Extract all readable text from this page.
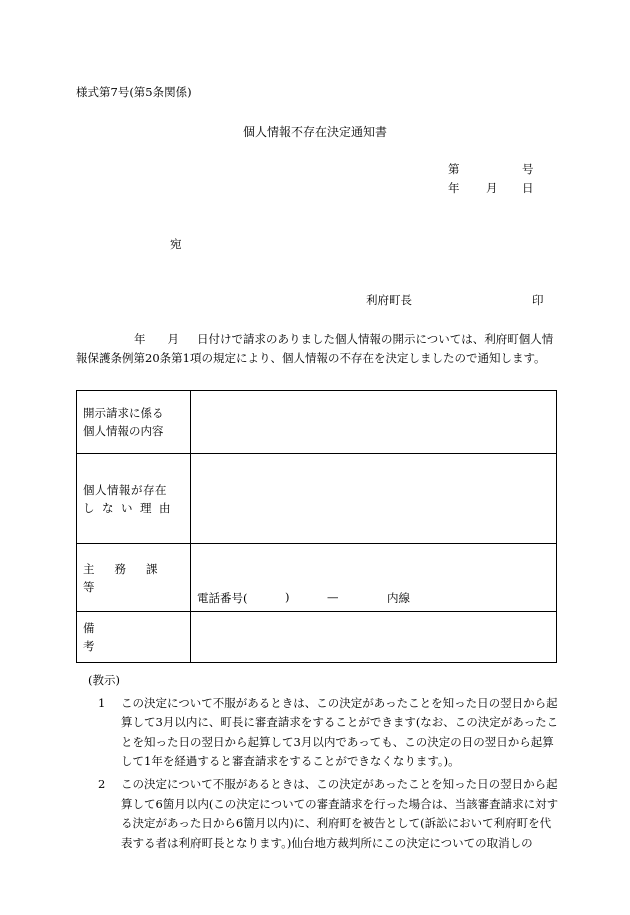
様式第7号(第5条関係)
個人情報不存在決定通知書
第	号
年 月 日
宛
利府町長	印
年 月 日付けで請求のありました個人情報の開示については、利府町個人情報保護条例第20条第1項の規定により、個人情報の不存在を決定しましたので通知します。
開示請求に係る
個人情報の内容	

個人情報が存在
しない理由	

主務課等	電話番号( ) — 内線

備考	

(教示)
1	この決定について不服があるときは、この決定があったことを知った日の翌日から起算して3月以内に、町長に審査請求をすることができます(なお、この決定があったことを知った日の翌日から起算して3月以内であっても、この決定の日の翌日から起算して1年を経過すると審査請求をすることができなくなります。)。
2	この決定について不服があるときは、この決定があったことを知った日の翌日から起算して6箇月以内(この決定についての審査請求を行った場合は、当該審査請求に対する決定があった日から6箇月以内)に、利府町を被告として(訴訟において利府町を代表する者は利府町長となります。)仙台地方裁判所にこの決定についての取消しの
